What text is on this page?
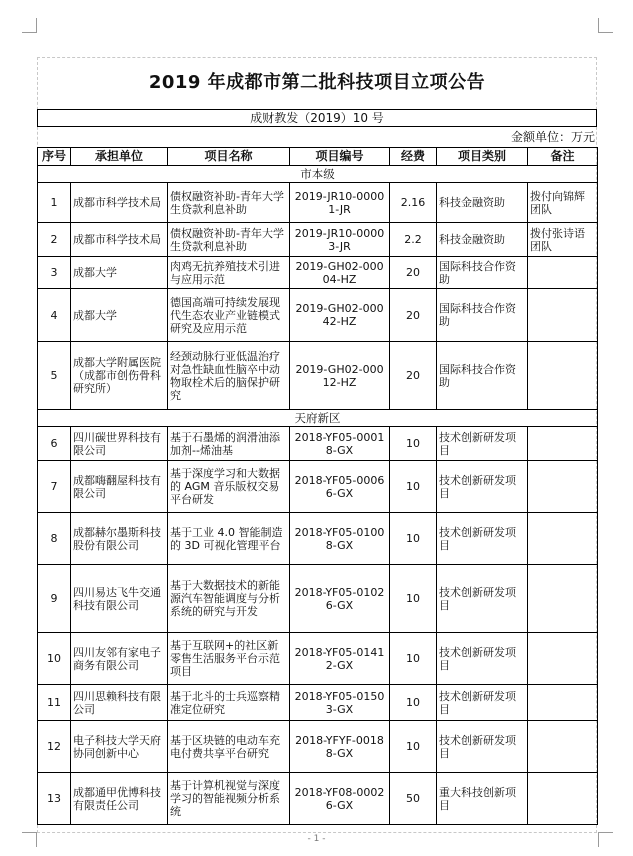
2019 年成都市第二批科技项目立项公告
成财教发（2019）10 号
金额单位：万元
序号	承担单位	项目名称	项目编号	经费	项目类别	备注
市本级						
1	成都市科学技术局	债权融资补助-青年大学生贷款利息补助	2019-JR10-00001-JR	2.16	科技金融资助	拨付向锦辉团队
2	成都市科学技术局	债权融资补助-青年大学生贷款利息补助	2019-JR10-00003-JR	2.2	科技金融资助	拨付张诗语团队
3	成都大学	肉鸡无抗养殖技术引进与应用示范	2019-GH02-00004-HZ	20	国际科技合作资助	
4	成都大学	德国高端可持续发展现代生态农业产业链模式研究及应用示范	2019-GH02-00042-HZ	20	国际科技合作资助	
5	成都大学附属医院（成都市创伤骨科研究所）	经颈动脉行亚低温治疗对急性缺血性脑卒中动物取栓术后的脑保护研究	2019-GH02-00012-HZ	20	国际科技合作资助	
天府新区						
6	四川碳世界科技有限公司	基于石墨烯的润滑油添加剂--烯油基	2018-YF05-00018-GX	10	技术创新研发项目	
7	成都嗨翻屋科技有限公司	基于深度学习和大数据的 AGM 音乐版权交易平台研发	2018-YF05-00066-GX	10	技术创新研发项目	
8	成都赫尔墨斯科技股份有限公司	基于工业 4.0 智能制造的 3D 可视化管理平台	2018-YF05-01008-GX	10	技术创新研发项目	
9	四川易达飞牛交通科技有限公司	基于大数据技术的新能源汽车智能调度与分析系统的研究与开发	2018-YF05-01026-GX	10	技术创新研发项目	
10	四川友邻有家电子商务有限公司	基于互联网+的社区新零售生活服务平台示范项目	2018-YF05-01412-GX	10	技术创新研发项目	
11	四川思赖科技有限公司	基于北斗的士兵巡察精准定位研究	2018-YF05-01503-GX	10	技术创新研发项目	
12	电子科技大学天府协同创新中心	基于区块链的电动车充电付费共享平台研究	2018-YFYF-00188-GX	10	技术创新研发项目	
13	成都通甲优博科技有限责任公司	基于计算机视觉与深度学习的智能视频分析系统	2018-YF08-00026-GX	50	重大科技创新项目	
- 1 -
